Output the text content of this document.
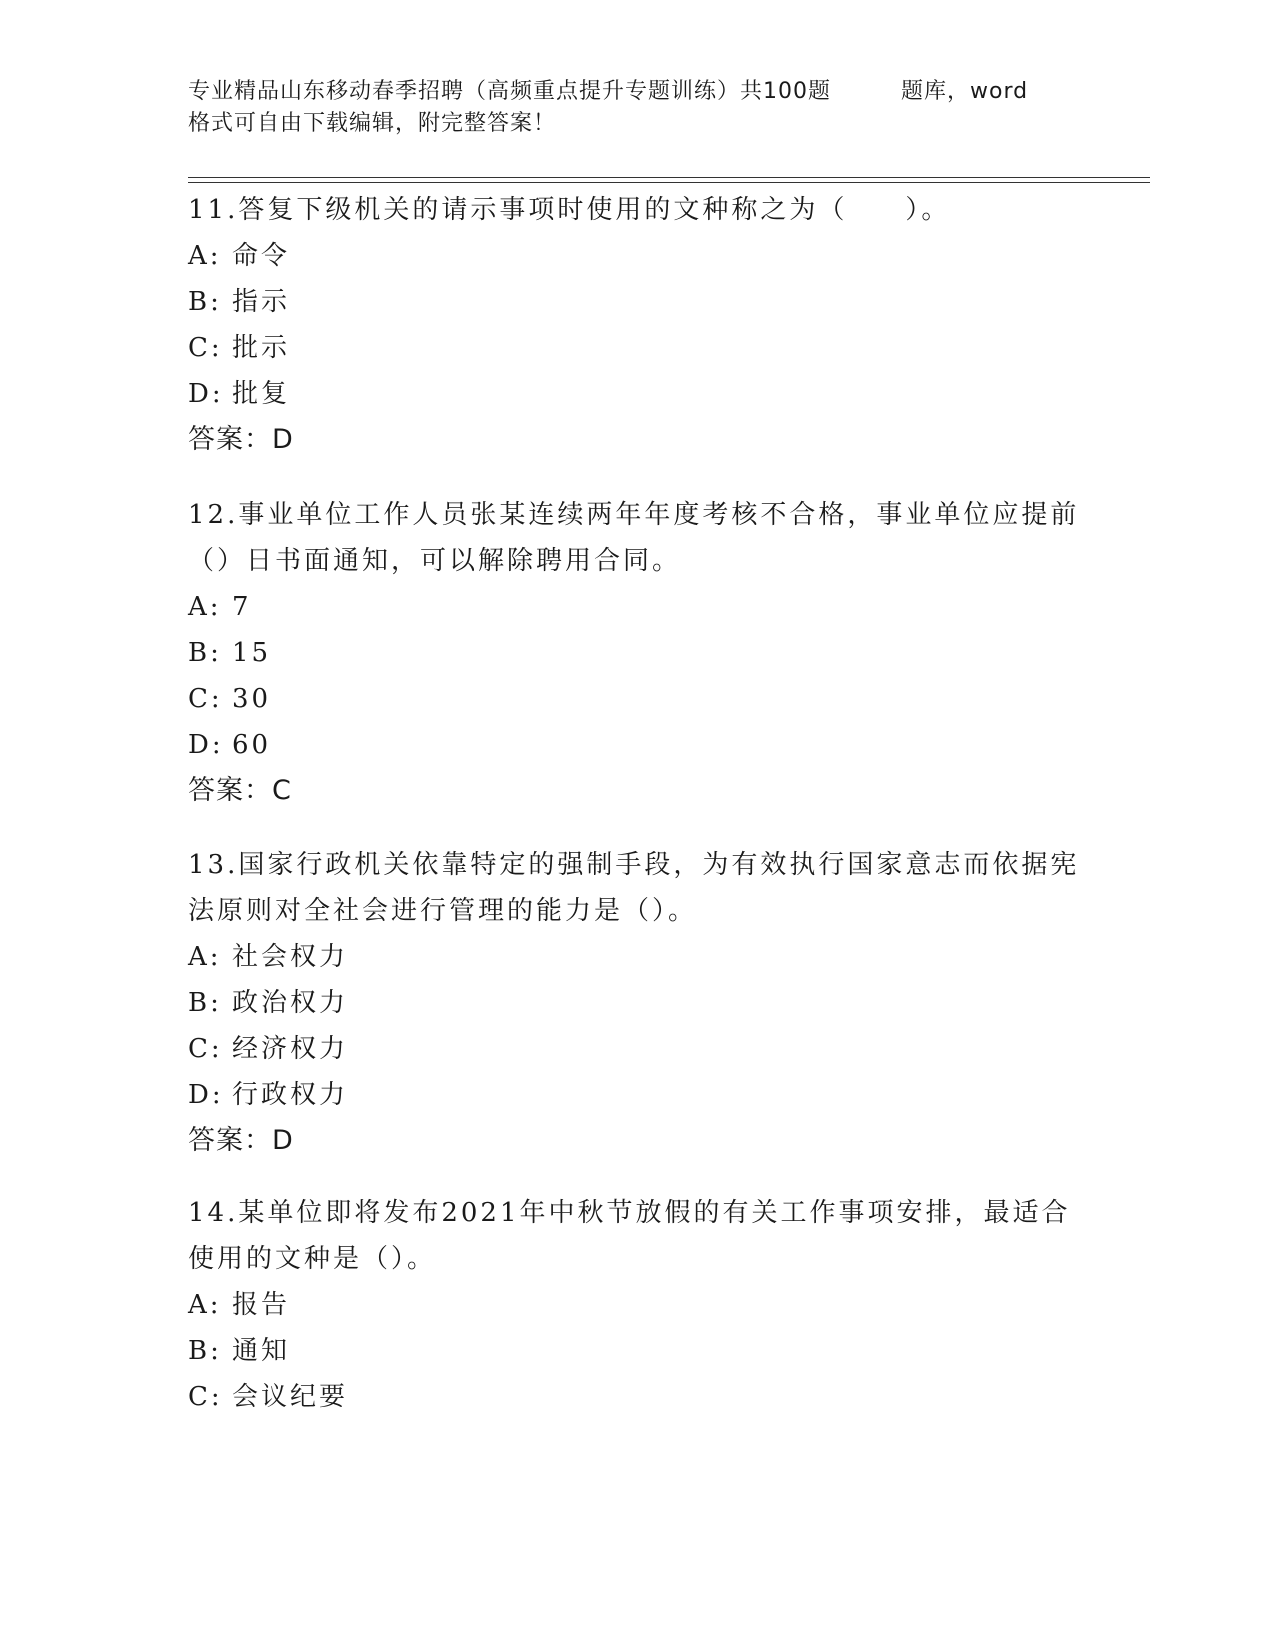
专业精品山东移动春季招聘（高频重点提升专题训练）共100题	题库，word
格式可自由下载编辑，附完整答案！

11.答复下级机关的请示事项时使用的文种称之为（　　）。

A: 命令

B: 指示

C: 批示

D: 批复

答案：D

12.事业单位工作人员张某连续两年年度考核不合格，事业单位应提前（）日书面通知，可以解除聘用合同。

A: 7

B: 15

C: 30

D: 60

答案：C

13.国家行政机关依靠特定的强制手段，为有效执行国家意志而依据宪法原则对全社会进行管理的能力是（）。

A: 社会权力

B: 政治权力

C: 经济权力

D: 行政权力

答案：D

14.某单位即将发布2021年中秋节放假的有关工作事项安排，最适合使用的文种是（）。

A: 报告

B: 通知

C: 会议纪要
